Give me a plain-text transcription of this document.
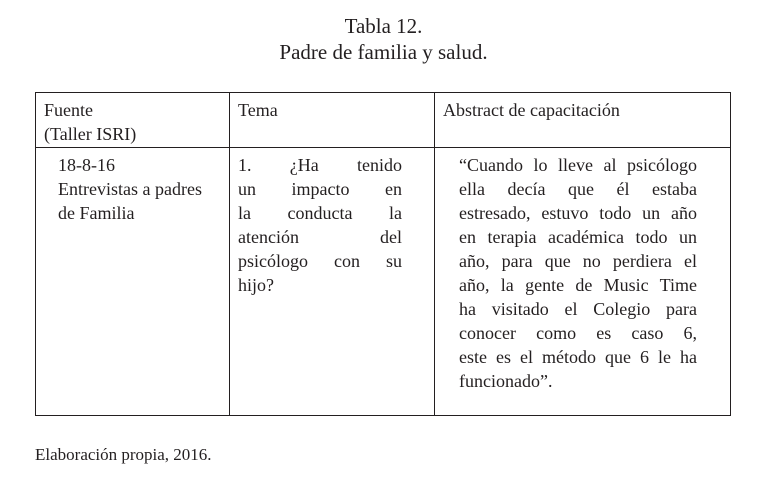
Tabla 12.
Padre de familia y salud.
Fuente
(Taller ISRI)
Tema	Abstract de capacitación
18-8-16
Entrevistas a padres
de Familia
1. ¿Ha tenido
un impacto en
la conducta la
atención del
psicólogo con su
hijo?
“Cuando lo lleve al psicólogo
ella decía que él estaba
estresado, estuvo todo un año
en terapia académica todo un
año, para que no perdiera el
año, la gente de Music Time
ha visitado el Colegio para
conocer como es caso 6,
este es el método que 6 le ha
funcionado”.
Elaboración propia, 2016.
